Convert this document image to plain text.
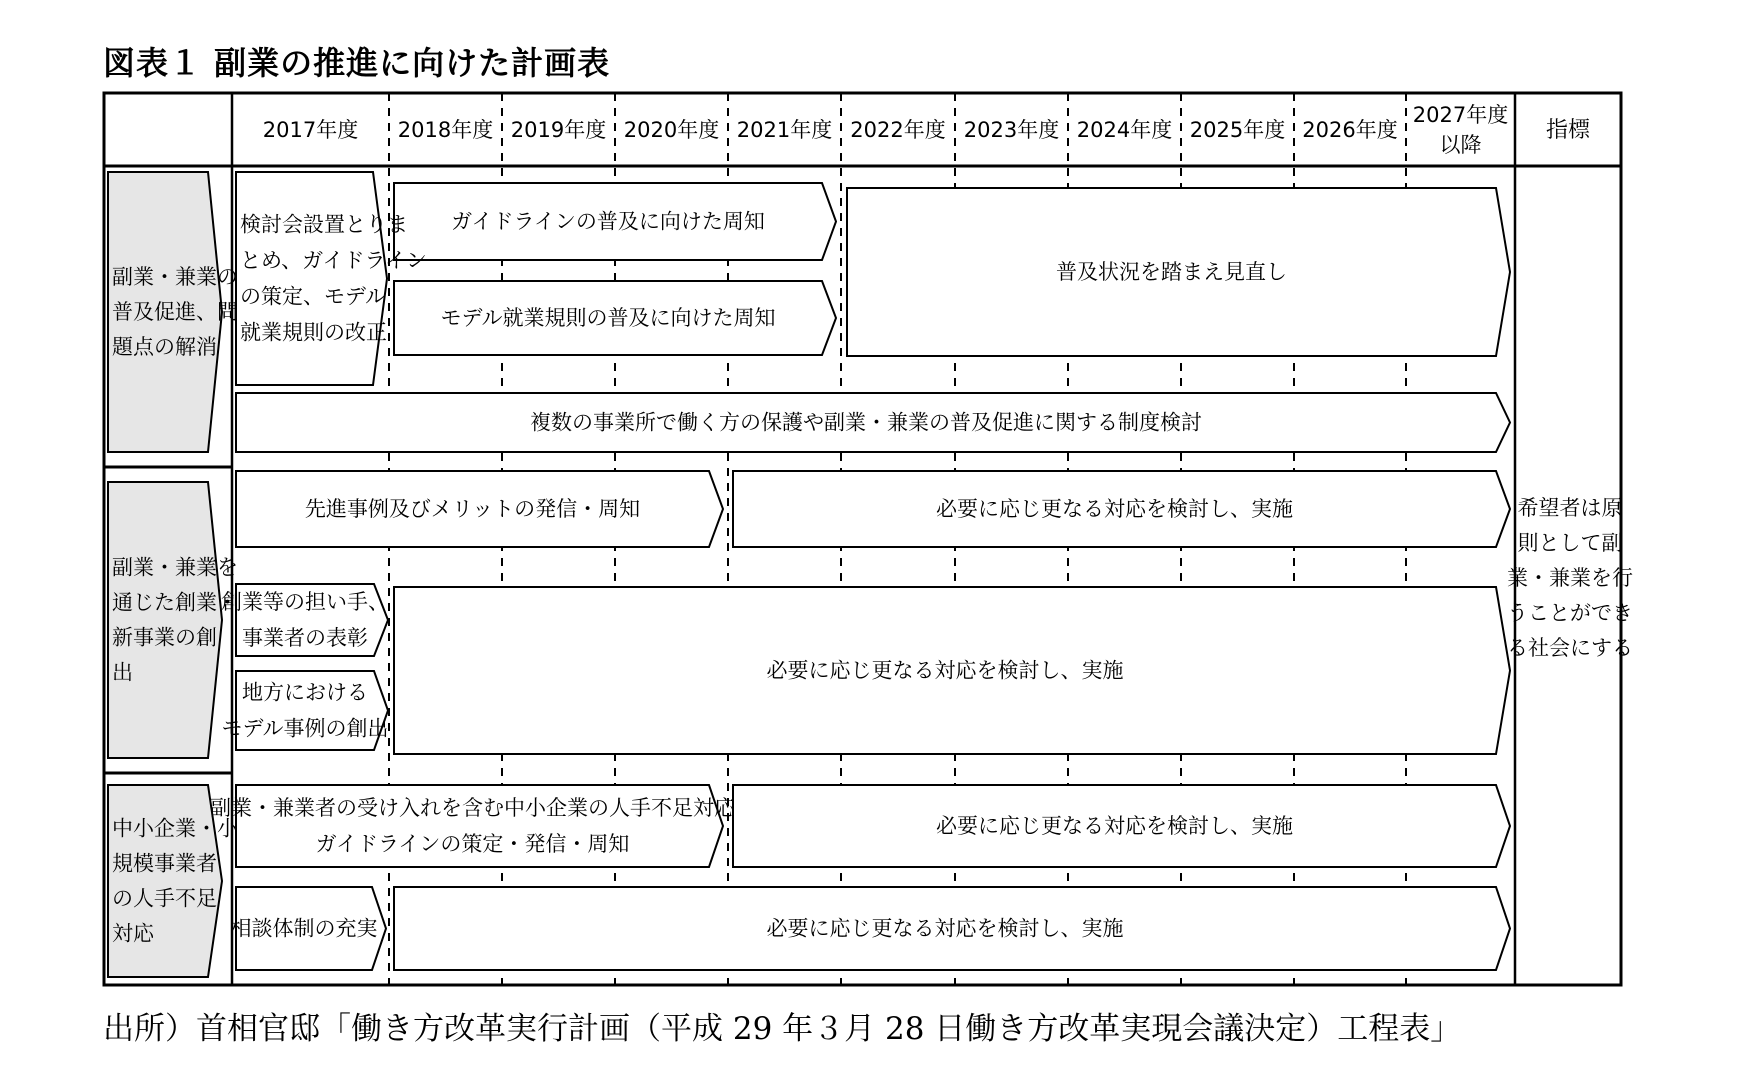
図表１ 副業の推進に向けた計画表
2017年度 2018年度 2019年度 2020年度 2021年度 2022年度 2023年度 2024年度 2025年度 2026年度
2027年度以降
指標
副業・兼業の普及促進、問題点の解消
副業・兼業を通じた創業・新事業の創出
中小企業・小規模事業者の人手不足対応
検討会設置とりまとめ、ガイドラインの策定、モデル就業規則の改正
ガイドラインの普及に向けた周知
モデル就業規則の普及に向けた周知
普及状況を踏まえ見直し
複数の事業所で働く方の保護や副業・兼業の普及促進に関する制度検討
先進事例及びメリットの発信・周知	必要に応じ更なる対応を検討し、実施
創業等の担い手、事業者の表彰
地方におけるモデル事例の創出
必要に応じ更なる対応を検討し、実施
副業・兼業者の受け入れを含む中小企業の人手不足対応ガイドラインの策定・発信・周知
必要に応じ更なる対応を検討し、実施
相談体制の充実	必要に応じ更なる対応を検討し、実施
希望者は原則として副業・兼業を行うことができる社会にする
出所）首相官邸「働き方改革実行計画（平成 29 年３月 28 日働き方改革実現会議決定）工程表」
